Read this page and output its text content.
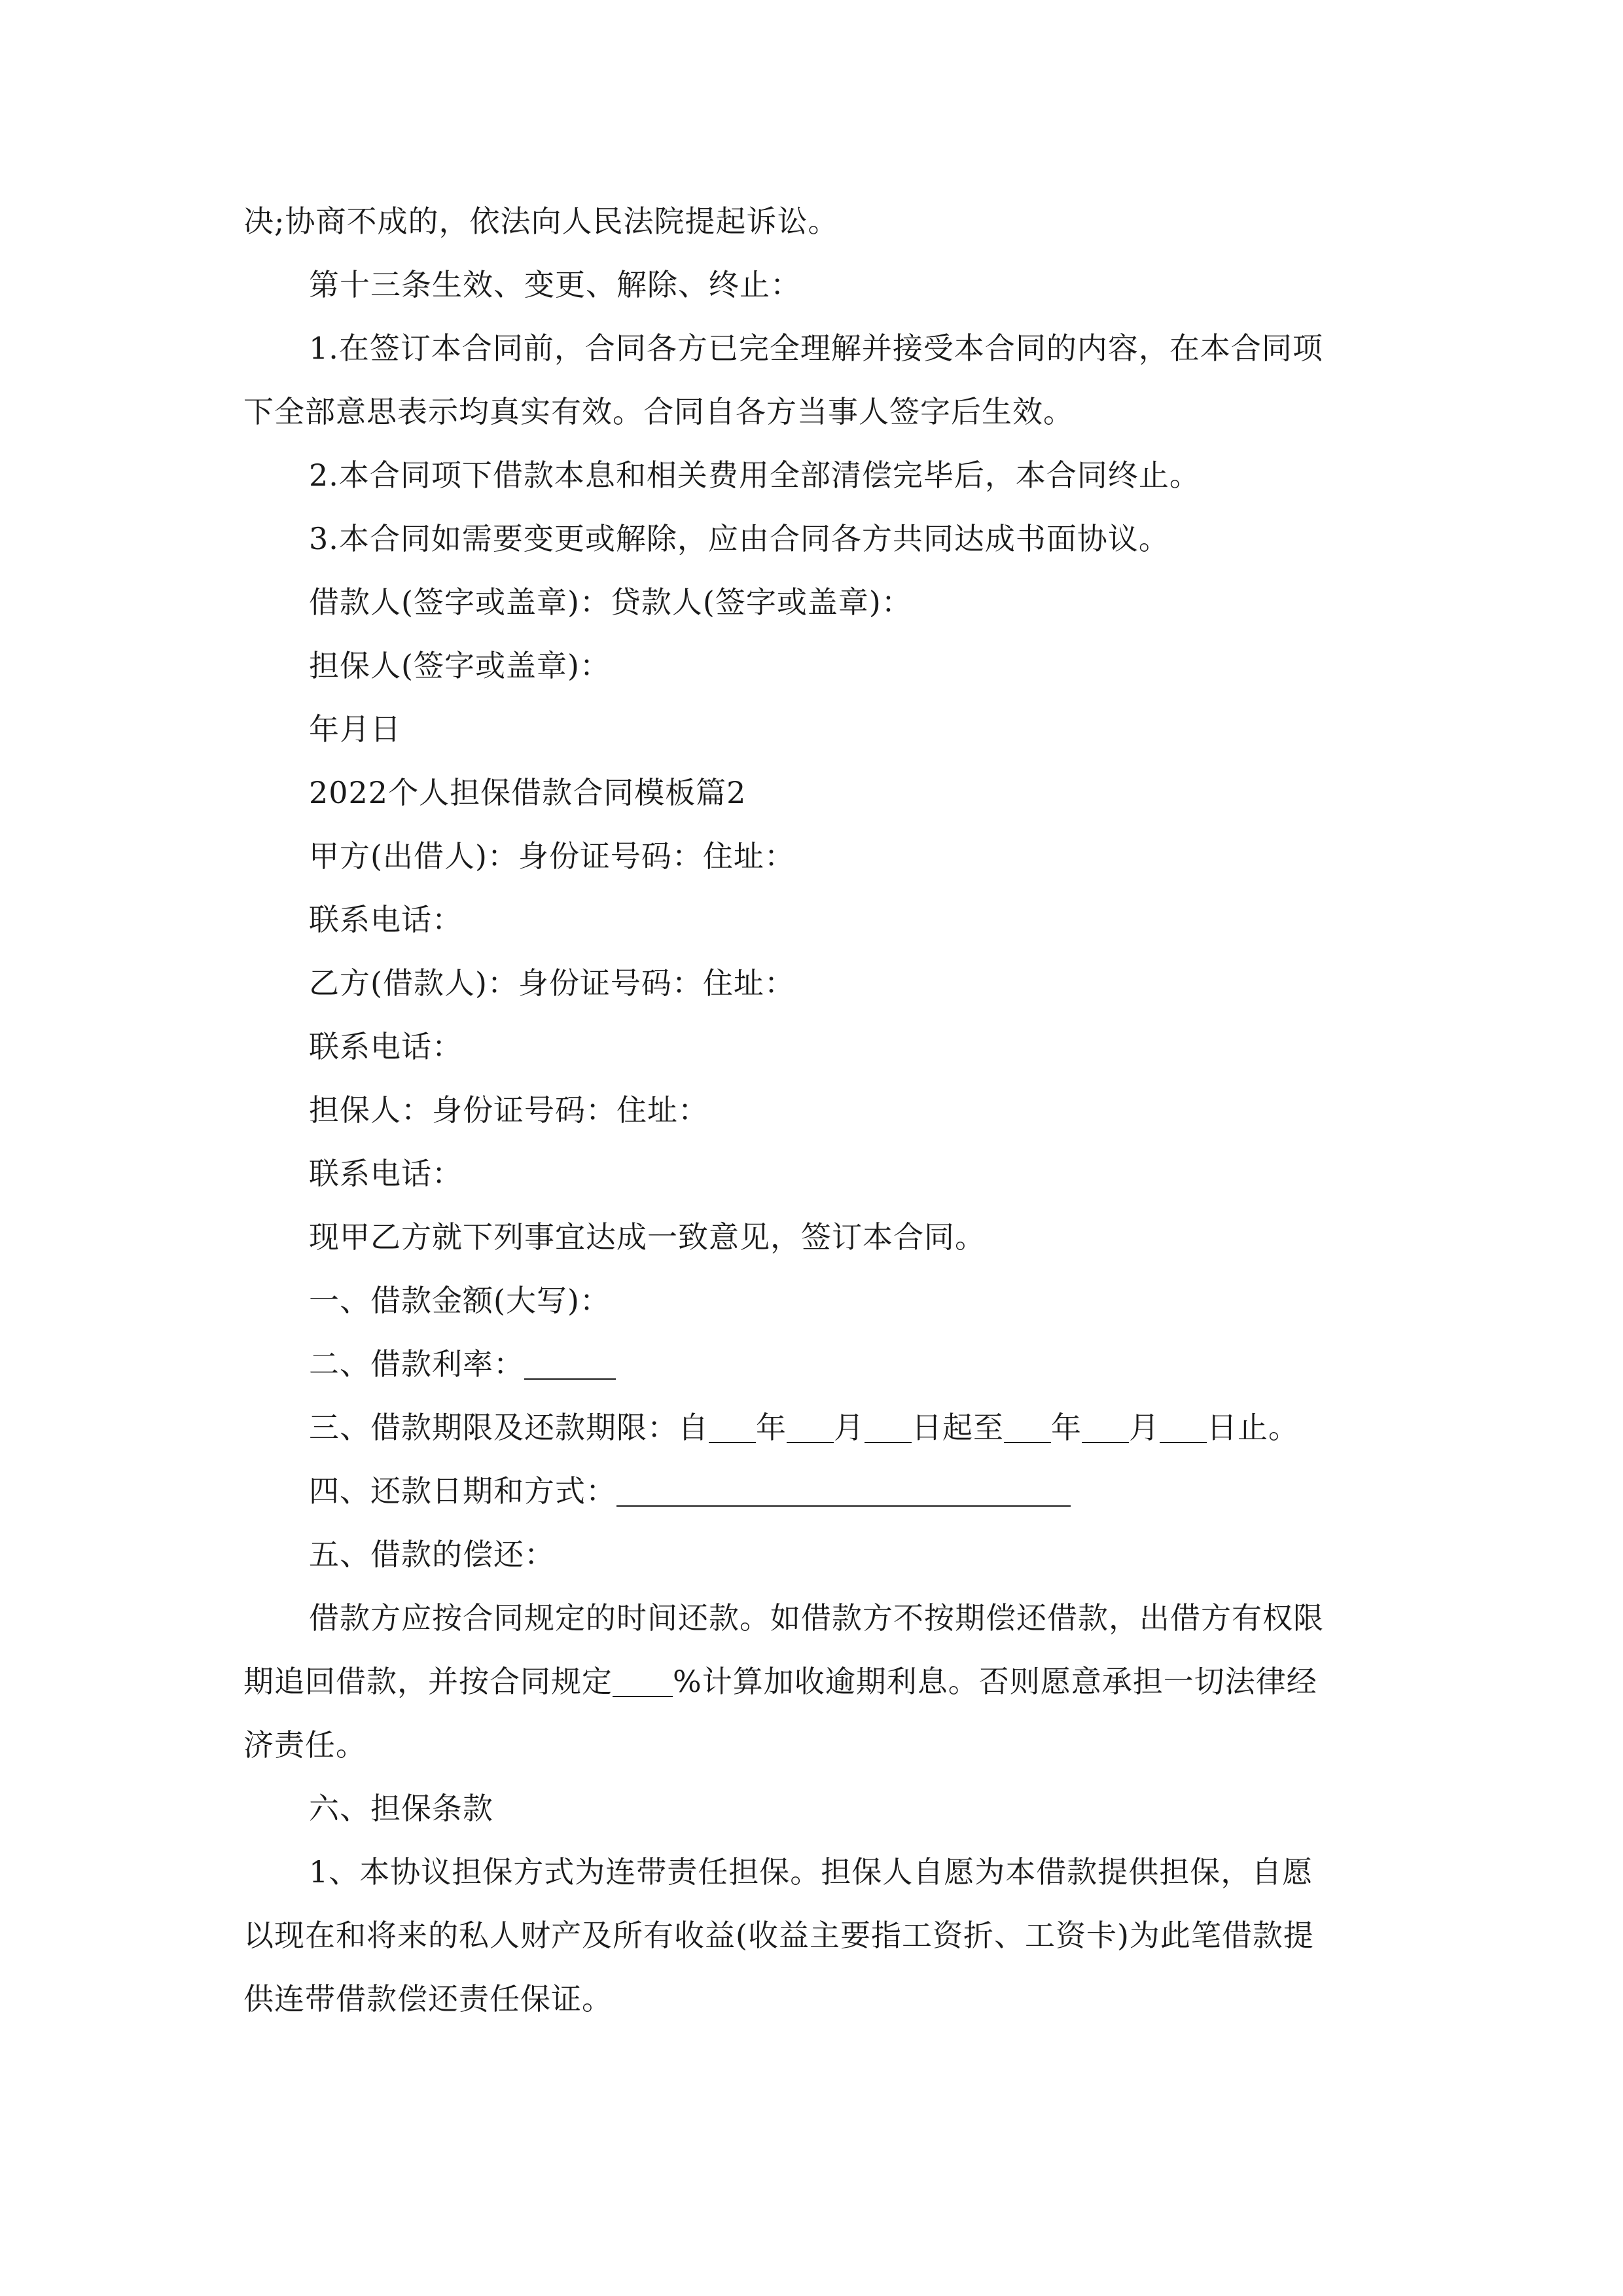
决;协商不成的，依法向人民法院提起诉讼。
第十三条生效、变更、解除、终止：
1.在签订本合同前，合同各方已完全理解并接受本合同的内容，在本合同项
下全部意思表示均真实有效。合同自各方当事人签字后生效。
2.本合同项下借款本息和相关费用全部清偿完毕后，本合同终止。
3.本合同如需要变更或解除，应由合同各方共同达成书面协议。
借款人(签字或盖章)：贷款人(签字或盖章)：
担保人(签字或盖章)：
年月日
2022个人担保借款合同模板篇2
甲方(出借人)：身份证号码：住址：
联系电话：
乙方(借款人)：身份证号码：住址：
联系电话：
担保人：身份证号码：住址：
联系电话：
现甲乙方就下列事宜达成一致意见，签订本合同。
一、借款金额(大写)：
二、借款利率：
三、借款期限及还款期限：自 年 月 日起至 年 月 日止。
四、还款日期和方式：
五、借款的偿还：
借款方应按合同规定的时间还款。如借款方不按期偿还借款，出借方有权限
期追回借款，并按合同规定 %计算加收逾期利息。否则愿意承担一切法律经
济责任。
六、担保条款
1、本协议担保方式为连带责任担保。担保人自愿为本借款提供担保，自愿
以现在和将来的私人财产及所有收益(收益主要指工资折、工资卡)为此笔借款提
供连带借款偿还责任保证。
